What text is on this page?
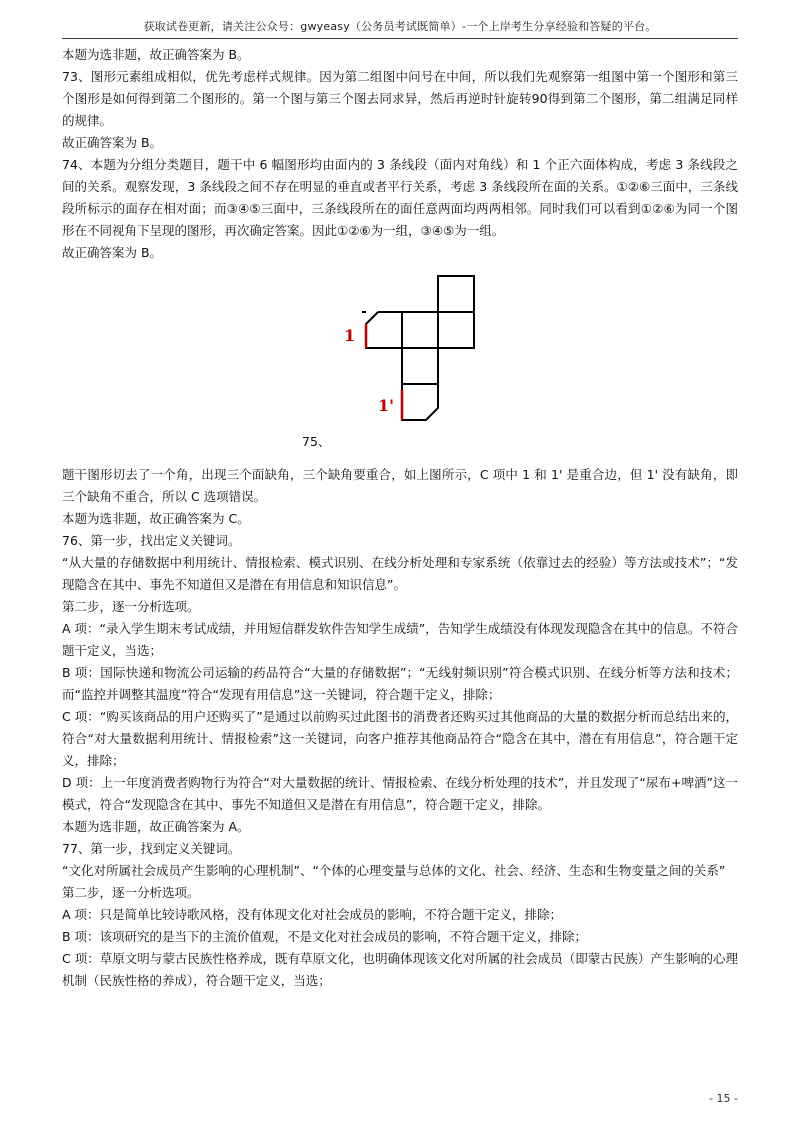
获取试卷更新，请关注公众号：gwyeasy（公务员考试既简单）-一个上岸考生分享经验和答疑的平台。

本题为选非题，故正确答案为 B。

73、图形元素组成相似，优先考虑样式规律。因为第二组图中问号在中间，所以我们先观察第一组图中第一个图形和第三个图形是如何得到第二个图形的。第一个图与第三个图去同求异，然后再逆时针旋转90得到第二个图形，第二组满足同样的规律。

故正确答案为 B。

74、本题为分组分类题目，题干中 6 幅图形均由面内的 3 条线段（面内对角线）和 1 个正六面体构成，考虑 3 条线段之间的关系。观察发现，3 条线段之间不存在明显的垂直或者平行关系，考虑 3 条线段所在面的关系。①②⑥三面中，三条线段所标示的面存在相对面；而③④⑤三面中，三条线段所在的面任意两面均两两相邻。同时我们可以看到①②⑥为同一个图形在不同视角下呈现的图形，再次确定答案。因此①②⑥为一组，③④⑤为一组。

故正确答案为 B。

1
1'
75、

题干图形切去了一个角，出现三个面缺角，三个缺角要重合，如上图所示，C 项中 1 和 1' 是重合边，但 1' 没有缺角，即三个缺角不重合，所以 C 选项错误。

本题为选非题，故正确答案为 C。

76、第一步，找出定义关键词。

“从大量的存储数据中利用统计、情报检索、模式识别、在线分析处理和专家系统（依靠过去的经验）等方法或技术”；“发现隐含在其中、事先不知道但又是潜在有用信息和知识信息”。

第二步，逐一分析选项。

A 项：“录入学生期末考试成绩，并用短信群发软件告知学生成绩”，告知学生成绩没有体现发现隐含在其中的信息。不符合题干定义，当选；

B 项：国际快递和物流公司运输的药品符合“大量的存储数据”；“无线射频识别”符合模式识别、在线分析等方法和技术；而“监控并调整其温度”符合“发现有用信息”这一关键词，符合题干定义，排除；

C 项：“购买该商品的用户还购买了”是通过以前购买过此图书的消费者还购买过其他商品的大量的数据分析而总结出来的，符合“对大量数据利用统计、情报检索”这一关键词，向客户推荐其他商品符合“隐含在其中，潜在有用信息”，符合题干定义，排除；

D 项：上一年度消费者购物行为符合“对大量数据的统计、情报检索、在线分析处理的技术”，并且发现了“尿布+啤酒”这一模式，符合“发现隐含在其中、事先不知道但又是潜在有用信息”，符合题干定义，排除。

本题为选非题，故正确答案为 A。

77、第一步，找到定义关键词。

“文化对所属社会成员产生影响的心理机制”、“个体的心理变量与总体的文化、社会、经济、生态和生物变量之间的关系”

第二步，逐一分析选项。

A 项：只是简单比较诗歌风格，没有体现文化对社会成员的影响，不符合题干定义，排除；

B 项：该项研究的是当下的主流价值观，不是文化对社会成员的影响，不符合题干定义，排除；

C 项：草原文明与蒙古民族性格养成，既有草原文化，也明确体现该文化对所属的社会成员（即蒙古民族）产生影响的心理机制（民族性格的养成），符合题干定义，当选；

- 15 -
